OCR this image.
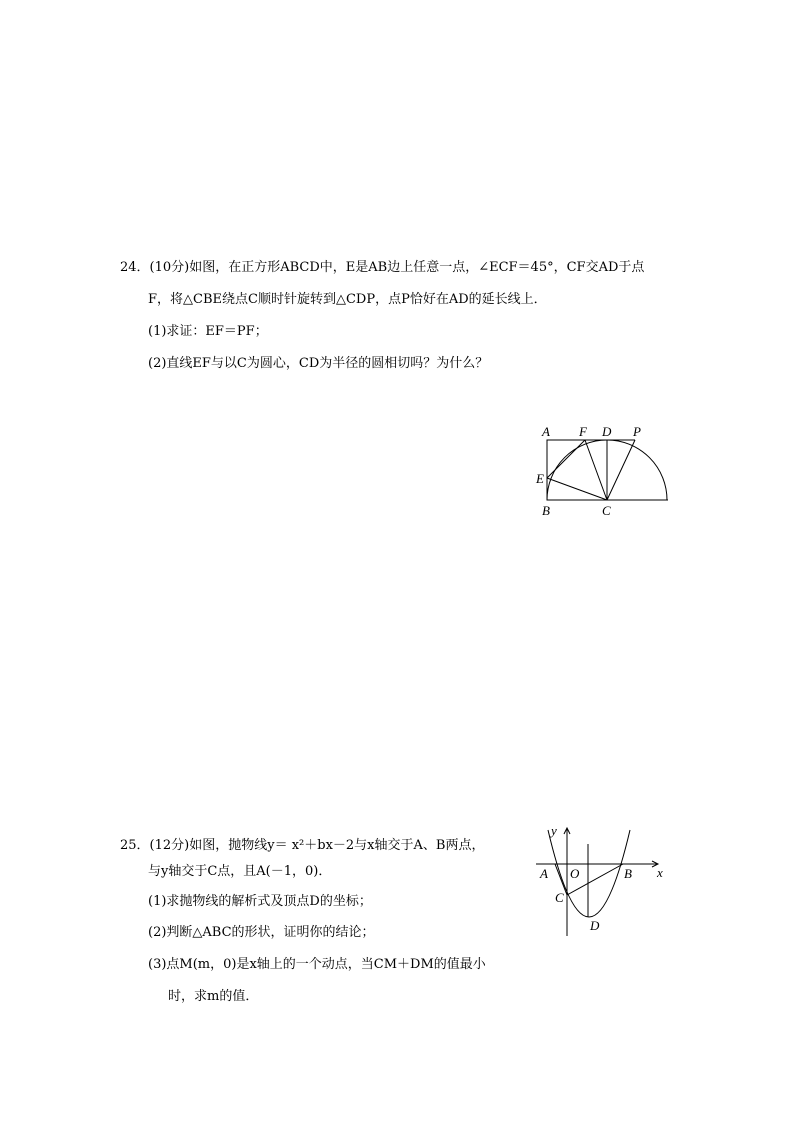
24．(10分)如图，在正方形ABCD中，E是AB边上任意一点，∠ECF＝45°，CF交AD于点
F，将△CBE绕点C顺时针旋转到△CDP，点P恰好在AD的延长线上．
(1)求证：EF＝PF；
(2)直线EF与以C为圆心，CD为半径的圆相切吗？为什么？
A F D P
E
B	C
25．(12分)如图，抛物线y＝ x²＋bx－2与x轴交于A、B两点，
与y轴交于C点，且A(－1，0)．
(1)求抛物线的解析式及顶点D的坐标；
(2)判断△ABC的形状，证明你的结论；
(3)点M(m，0)是x轴上的一个动点，当CM＋DM的值最小
时，求m的值．
y
x
A O	B
C
D
